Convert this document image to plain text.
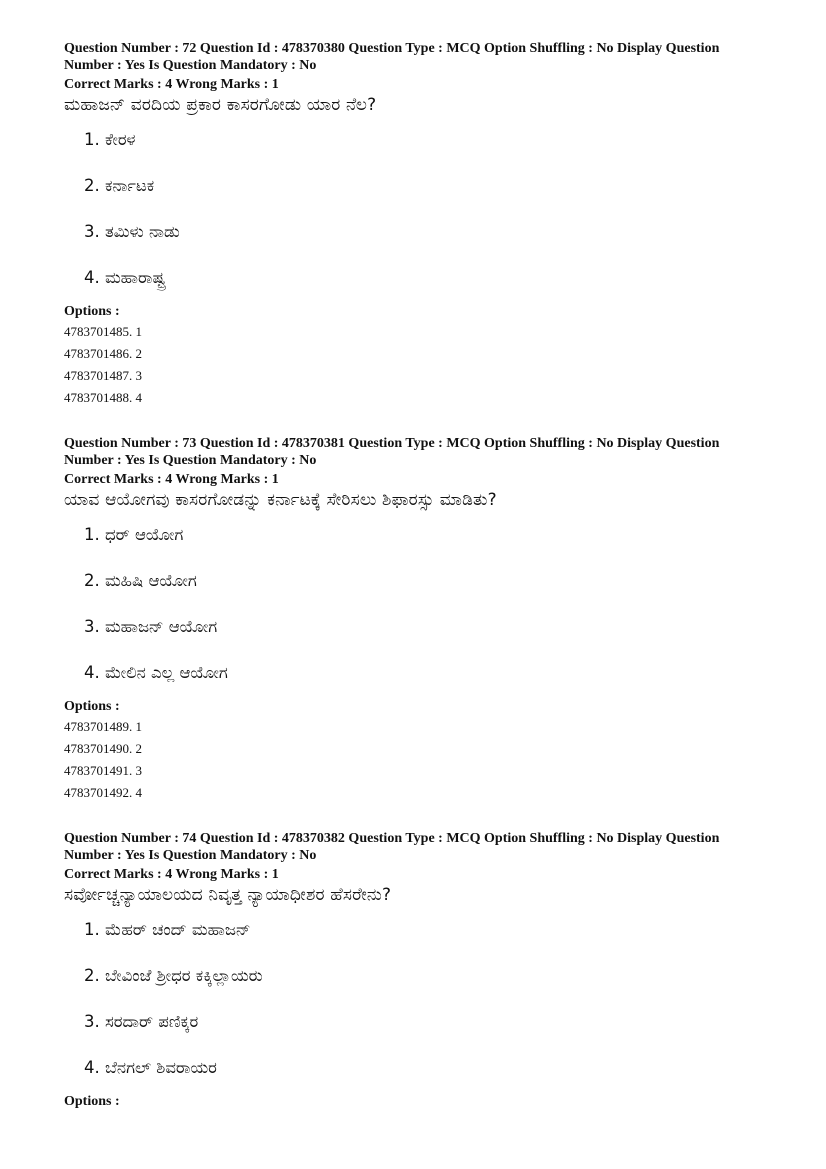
Question Number : 72 Question Id : 478370380 Question Type : MCQ Option Shuffling : No Display Question
Number : Yes Is Question Mandatory : No
Correct Marks : 4 Wrong Marks : 1
ಮಹಾಜನ್ ವರದಿಯ ಪ್ರಕಾರ ಕಾಸರಗೋಡು ಯಾರ ನೆಲ?
1. ಕೇರಳ
2. ಕರ್ನಾಟಕ
3. ತಮಿಳು ನಾಡು
4. ಮಹಾರಾಷ್ಟ್ರ
Options :
4783701485. 1
4783701486. 2
4783701487. 3
4783701488. 4
Question Number : 73 Question Id : 478370381 Question Type : MCQ Option Shuffling : No Display Question
Number : Yes Is Question Mandatory : No
Correct Marks : 4 Wrong Marks : 1
ಯಾವ ಆಯೋಗವು ಕಾಸರಗೋಡನ್ನು ಕರ್ನಾಟಕ್ಕೆ ಸೇರಿಸಲು ಶಿಫಾರಸ್ಸು ಮಾಡಿತು?
1. ಧರ್ ಆಯೋಗ
2. ಮಹಿಷಿ ಆಯೋಗ
3. ಮಹಾಜನ್ ಆಯೋಗ
4. ಮೇಲಿನ ಎಲ್ಲ ಆಯೋಗ
Options :
4783701489. 1
4783701490. 2
4783701491. 3
4783701492. 4
Question Number : 74 Question Id : 478370382 Question Type : MCQ Option Shuffling : No Display Question
Number : Yes Is Question Mandatory : No
Correct Marks : 4 Wrong Marks : 1
ಸರ್ವೋಚ್ಚನ್ಯಾಯಾಲಯದ ನಿವೃತ್ತ ನ್ಯಾಯಾಧೀಶರ ಹೆಸರೇನು?
1. ಮೆಹರ್ ಚಂದ್ ಮಹಾಜನ್
2. ಬೇವಿಂಜೆ ಶ್ರೀಧರ ಕಕ್ಕಿಲ್ಲಾಯರು
3. ಸರದಾರ್ ಪಣಿಕ್ಕರ
4. ಬೆನಗಲ್ ಶಿವರಾಯರ
Options :
